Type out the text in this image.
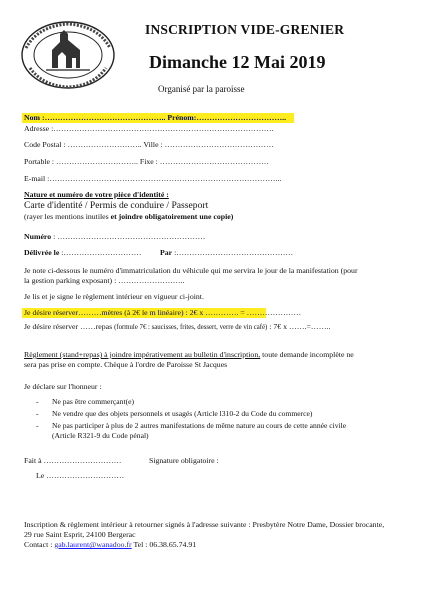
INSCRIPTION VIDE-GRENIER
Dimanche 12 Mai 2019
Organisé par la paroisse
Nom :……………………………………….. Prénom:……………………………..
Adresse :………………………………………………………………………….
Code Postal : ……………………….. Ville : ……………………………………
Portable : ………………………….. Fixe : ……………………………………
E-mail :……………………………………………………………………………...
Nature et numéro de votre pièce d'identité :
Carte d'identité / Permis de conduire / Passeport
(rayer les mentions inutiles et joindre obligatoirement une copie)
Numéro : …………………………………………………
Délivrée le :………………………… Par :………………………………………
Je note ci-dessous le numéro d'immatriculation du véhicule qui me servira le jour de la manifestation (pour
la gestion parking exposant) : ……………………..
Je lis et je signe le règlement intérieur en vigueur ci-joint.
Je désire réserver………mètres (à 2€ le m linéaire) : 2€ x …………. = …………………
Je désire réserver ……repas (formule 7€ : saucisses, frites, dessert, verre de vin café) : 7€ x …….=……..
Règlement (stand+repas) à joindre impérativement au bulletin d'inscription, toute demande incomplète ne
sera pas prise en compte. Chèque à l'ordre de Paroisse St Jacques
Je déclare sur l'honneur :
- Ne pas être commerçant(e)
- Ne vendre que des objets personnels et usagés (Article l310-2 du Code du commerce)
- Ne pas participer à plus de 2 autres manifestations de même nature au cours de cette année civile
(Article R321-9 du Code pénal)
Fait à …………………………	Signature obligatoire :
Le …………………………
Inscription & règlement intérieur à retourner signés à l'adresse suivante : Presbytère Notre Dame, Dossier brocante,
29 rue Saint Esprit, 24100 Bergerac
Contact : gab.laurent@wanadoo.fr Tel : 06.38.65.74.91
